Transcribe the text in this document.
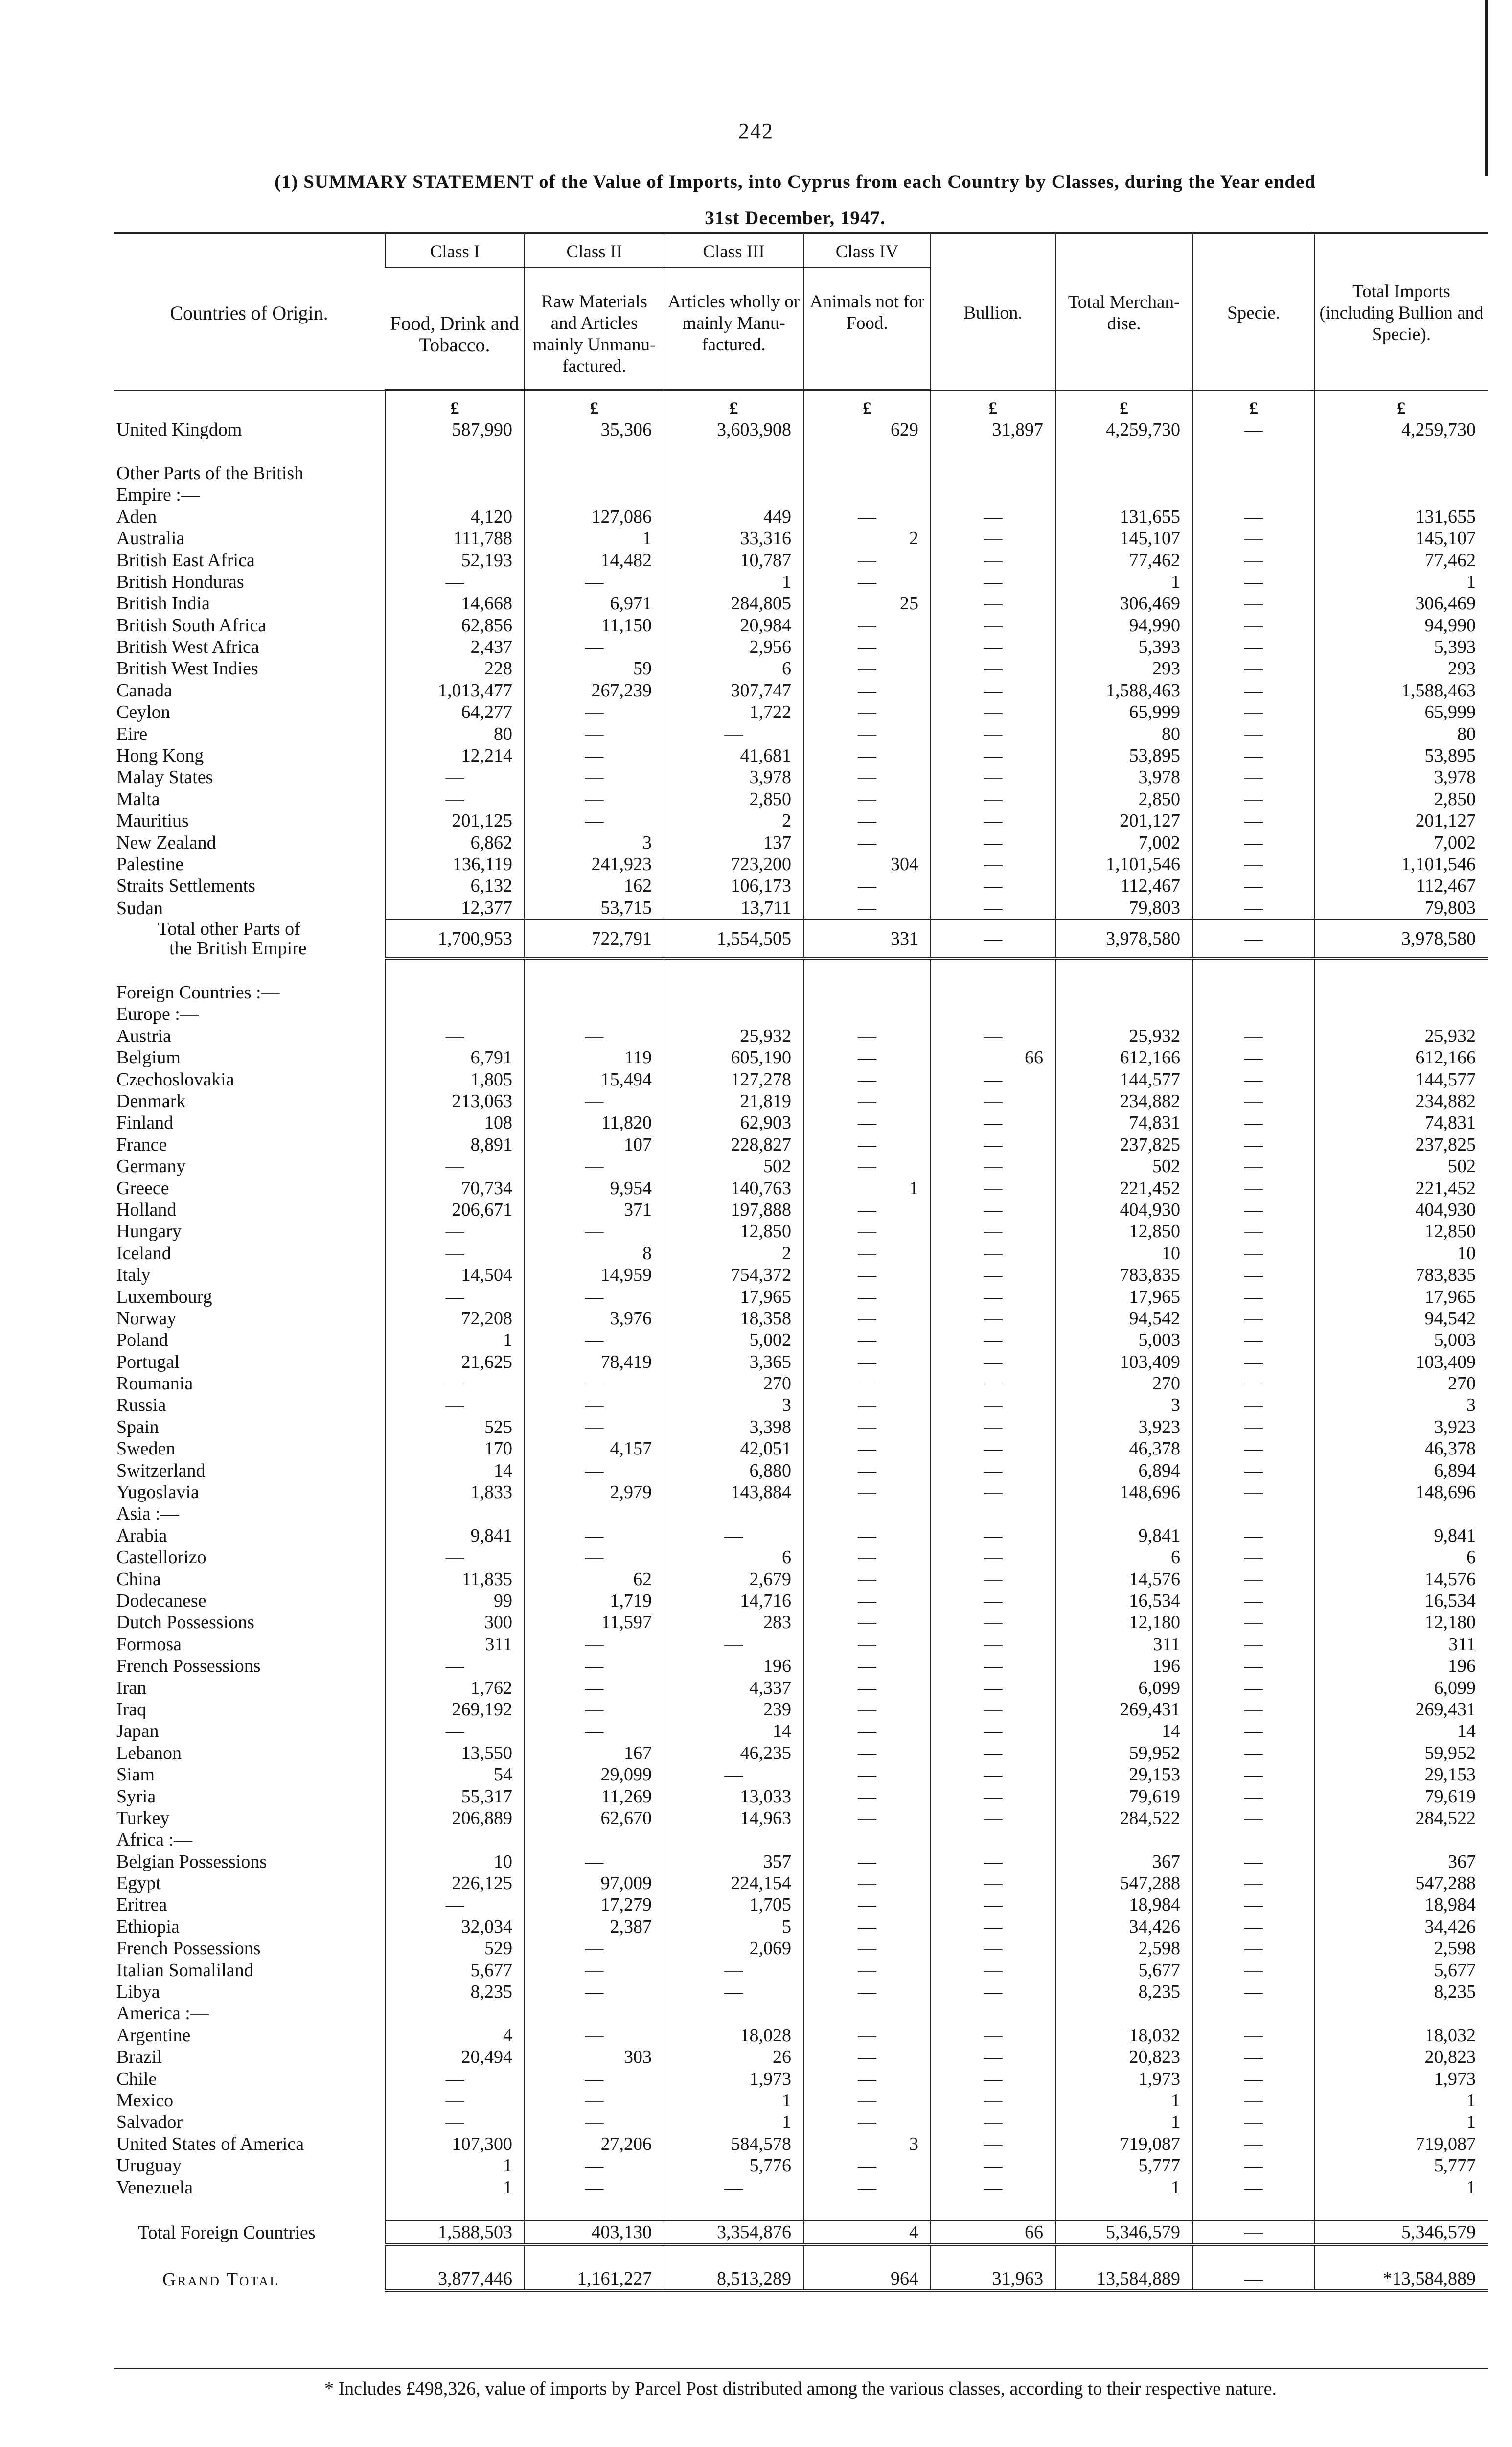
242
(1) SUMMARY STATEMENT of the Value of Imports, into Cyprus from each Country by Classes, during the Year ended
31st December, 1947.
Countries of Origin.	Class I	Class II	Class III	Class IV	Bullion.	Total Merchan- dise.	Specie.	Total Imports (including Bullion and Specie).
	Food, Drink and Tobacco.	Raw Materials and Articles mainly Unmanu- factured.	Articles wholly or mainly Manu- factured.	Animals not for Food.				
	£	£	£	£	£	£	£	£
United Kingdom	587,990	35,306	3,603,908	629	31,897	4,259,730	—	4,259,730

Other Parts of the British								
Empire :—								
Aden	4,120	127,086	449	—	—	131,655	—	131,655
Australia	111,788	1	33,316	2	—	145,107	—	145,107
British East Africa	52,193	14,482	10,787	—	—	77,462	—	77,462
British Honduras	—	—	1	—	—	1	—	1
British India	14,668	6,971	284,805	25	—	306,469	—	306,469
British South Africa	62,856	11,150	20,984	—	—	94,990	—	94,990
British West Africa	2,437	—	2,956	—	—	5,393	—	5,393
British West Indies	228	59	6	—	—	293	—	293
Canada	1,013,477	267,239	307,747	—	—	1,588,463	—	1,588,463
Ceylon	64,277	—	1,722	—	—	65,999	—	65,999
Eire	80	—	—	—	—	80	—	80
Hong Kong	12,214	—	41,681	—	—	53,895	—	53,895
Malay States	—	—	3,978	—	—	3,978	—	3,978
Malta	—	—	2,850	—	—	2,850	—	2,850
Mauritius	201,125	—	2	—	—	201,127	—	201,127
New Zealand	6,862	3	137	—	—	7,002	—	7,002
Palestine	136,119	241,923	723,200	304	—	1,101,546	—	1,101,546
Straits Settlements	6,132	162	106,173	—	—	112,467	—	112,467
Sudan	12,377	53,715	13,711	—	—	79,803	—	79,803
Total other Parts of
the British Empire	1,700,953	722,791	1,554,505	331	—	3,978,580	—	3,978,580

Foreign Countries :—								
Europe :—								
Austria	—	—	25,932	—	—	25,932	—	25,932
Belgium	6,791	119	605,190	—	66	612,166	—	612,166
Czechoslovakia	1,805	15,494	127,278	—	—	144,577	—	144,577
Denmark	213,063	—	21,819	—	—	234,882	—	234,882
Finland	108	11,820	62,903	—	—	74,831	—	74,831
France	8,891	107	228,827	—	—	237,825	—	237,825
Germany	—	—	502	—	—	502	—	502
Greece	70,734	9,954	140,763	1	—	221,452	—	221,452
Holland	206,671	371	197,888	—	—	404,930	—	404,930
Hungary	—	—	12,850	—	—	12,850	—	12,850
Iceland	—	8	2	—	—	10	—	10
Italy	14,504	14,959	754,372	—	—	783,835	—	783,835
Luxembourg	—	—	17,965	—	—	17,965	—	17,965
Norway	72,208	3,976	18,358	—	—	94,542	—	94,542
Poland	1	—	5,002	—	—	5,003	—	5,003
Portugal	21,625	78,419	3,365	—	—	103,409	—	103,409
Roumania	—	—	270	—	—	270	—	270
Russia	—	—	3	—	—	3	—	3
Spain	525	—	3,398	—	—	3,923	—	3,923
Sweden	170	4,157	42,051	—	—	46,378	—	46,378
Switzerland	14	—	6,880	—	—	6,894	—	6,894
Yugoslavia	1,833	2,979	143,884	—	—	148,696	—	148,696
Asia :—								
Arabia	9,841	—	—	—	—	9,841	—	9,841
Castellorizo	—	—	6	—	—	6	—	6
China	11,835	62	2,679	—	—	14,576	—	14,576
Dodecanese	99	1,719	14,716	—	—	16,534	—	16,534
Dutch Possessions	300	11,597	283	—	—	12,180	—	12,180
Formosa	311	—	—	—	—	311	—	311
French Possessions	—	—	196	—	—	196	—	196
Iran	1,762	—	4,337	—	—	6,099	—	6,099
Iraq	269,192	—	239	—	—	269,431	—	269,431
Japan	—	—	14	—	—	14	—	14
Lebanon	13,550	167	46,235	—	—	59,952	—	59,952
Siam	54	29,099	—	—	—	29,153	—	29,153
Syria	55,317	11,269	13,033	—	—	79,619	—	79,619
Turkey	206,889	62,670	14,963	—	—	284,522	—	284,522
Africa :—								
Belgian Possessions	10	—	357	—	—	367	—	367
Egypt	226,125	97,009	224,154	—	—	547,288	—	547,288
Eritrea	—	17,279	1,705	—	—	18,984	—	18,984
Ethiopia	32,034	2,387	5	—	—	34,426	—	34,426
French Possessions	529	—	2,069	—	—	2,598	—	2,598
Italian Somaliland	5,677	—	—	—	—	5,677	—	5,677
Libya	8,235	—	—	—	—	8,235	—	8,235
America :—								
Argentine	4	—	18,028	—	—	18,032	—	18,032
Brazil	20,494	303	26	—	—	20,823	—	20,823
Chile	—	—	1,973	—	—	1,973	—	1,973
Mexico	—	—	1	—	—	1	—	1
Salvador	—	—	1	—	—	1	—	1
United States of America	107,300	27,206	584,578	3	—	719,087	—	719,087
Uruguay	1	—	5,776	—	—	5,777	—	5,777
Venezuela	1	—	—	—	—	1	—	1

Total Foreign Countries	1,588,503	403,130	3,354,876	4	66	5,346,579	—	5,346,579

Grand Total	3,877,446	1,161,227	8,513,289	964	31,963	13,584,889	—	*13,584,889
* Includes £498,326, value of imports by Parcel Post distributed among the various classes, according to their respective nature.
